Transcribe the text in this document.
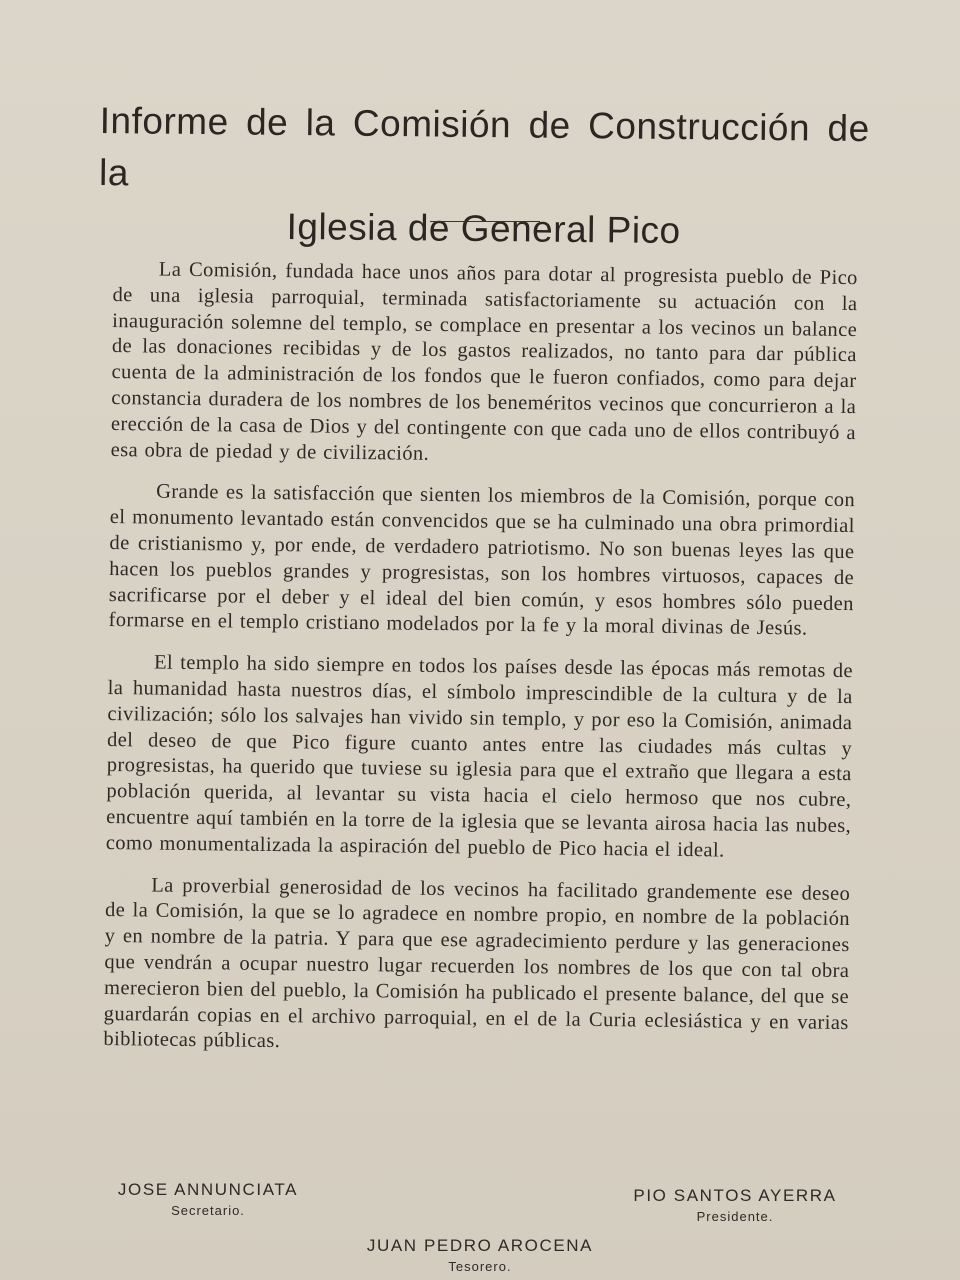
Informe de la Comisión de Construcción de la
Iglesia de General Pico

La Comisión, fundada hace unos años para dotar al progresista pueblo de Pico de una iglesia parroquial, terminada satisfactoriamente su actuación con la inauguración solemne del templo, se complace en presentar a los vecinos un balance de las donaciones recibidas y de los gastos realizados, no tanto para dar pública cuenta de la administración de los fondos que le fueron confiados, como para dejar constancia duradera de los nombres de los beneméritos vecinos que concurrieron a la erección de la casa de Dios y del contingente con que cada uno de ellos contribuyó a esa obra de piedad y de civilización.

Grande es la satisfacción que sienten los miembros de la Comisión, porque con el monumento levantado están convencidos que se ha culminado una obra primordial de cristianismo y, por ende, de verdadero patriotismo. No son buenas leyes las que hacen los pueblos grandes y progresistas, son los hombres virtuosos, capaces de sacrificarse por el deber y el ideal del bien común, y esos hombres sólo pueden formarse en el templo cristiano modelados por la fe y la moral divinas de Jesús.

El templo ha sido siempre en todos los países desde las épocas más remotas de la humanidad hasta nuestros días, el símbolo imprescindible de la cultura y de la civilización; sólo los salvajes han vivido sin templo, y por eso la Comisión, animada del deseo de que Pico figure cuanto antes entre las ciudades más cultas y progresistas, ha querido que tuviese su iglesia para que el extraño que llegara a esta población querida, al levantar su vista hacia el cielo hermoso que nos cubre, encuentre aquí también en la torre de la iglesia que se levanta airosa hacia las nubes, como monumentalizada la aspiración del pueblo de Pico hacia el ideal.

La proverbial generosidad de los vecinos ha facilitado grandemente ese deseo de la Comisión, la que se lo agradece en nombre propio, en nombre de la población y en nombre de la patria. Y para que ese agradecimiento perdure y las generaciones que vendrán a ocupar nuestro lugar recuerden los nombres de los que con tal obra merecieron bien del pueblo, la Comisión ha publicado el presente balance, del que se guardarán copias en el archivo parroquial, en el de la Curia eclesiástica y en varias bibliotecas públicas.

JOSE ANNUNCIATA
Secretario.
PIO SANTOS AYERRA
Presidente.
JUAN PEDRO AROCENA
Tesorero.
